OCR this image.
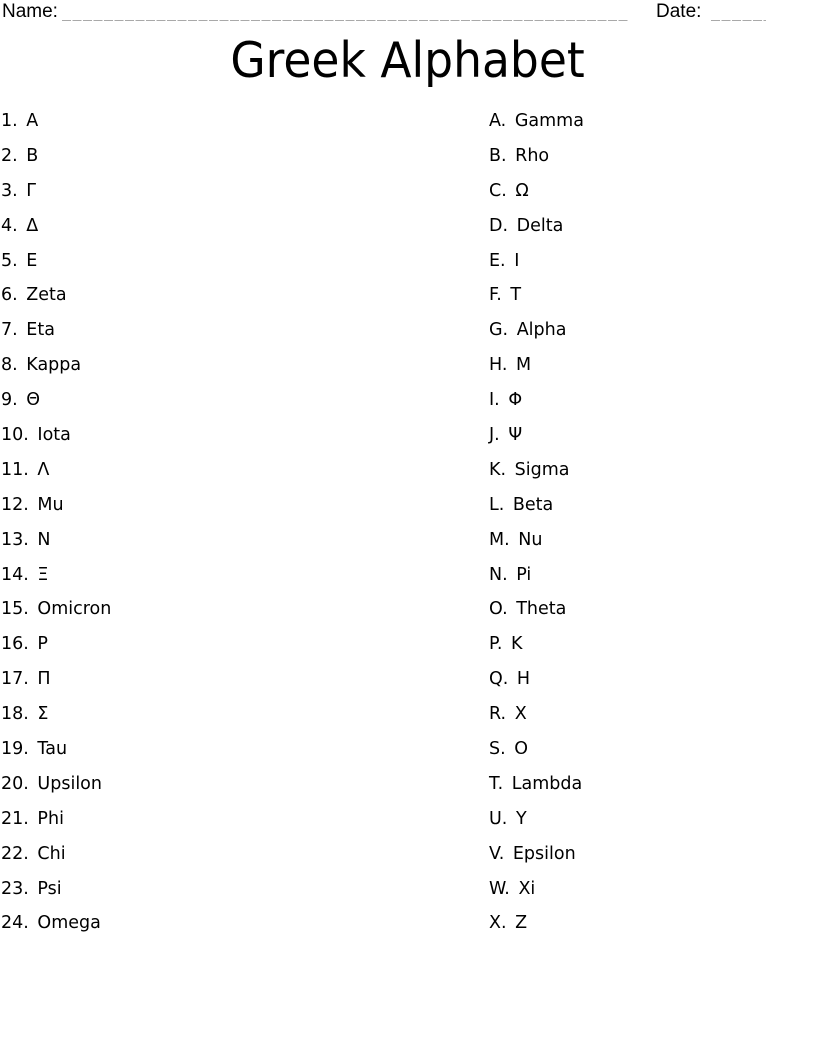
Name:	Date:
Greek Alphabet
1. Α
2. Β
3. Γ
4. Δ
5. Ε
6. Zeta
7. Eta
8. Kappa
9. Θ
10. Iota
11. Λ
12. Mu
13. Ν
14. Ξ
15. Omicron
16. Ρ
17. Π
18. Σ
19. Tau
20. Upsilon
21. Phi
22. Chi
23. Psi
24. Omega
A. Gamma
B. Rho
C. Ω
D. Delta
E. Ι
F. Τ
G. Alpha
H. Μ
I. Φ
J. Ψ
K. Sigma
L. Beta
M. Nu
N. Pi
O. Theta
P. Κ
Q. Η
R. Χ
S. Ο
T. Lambda
U. Υ
V. Epsilon
W. Xi
X. Ζ
